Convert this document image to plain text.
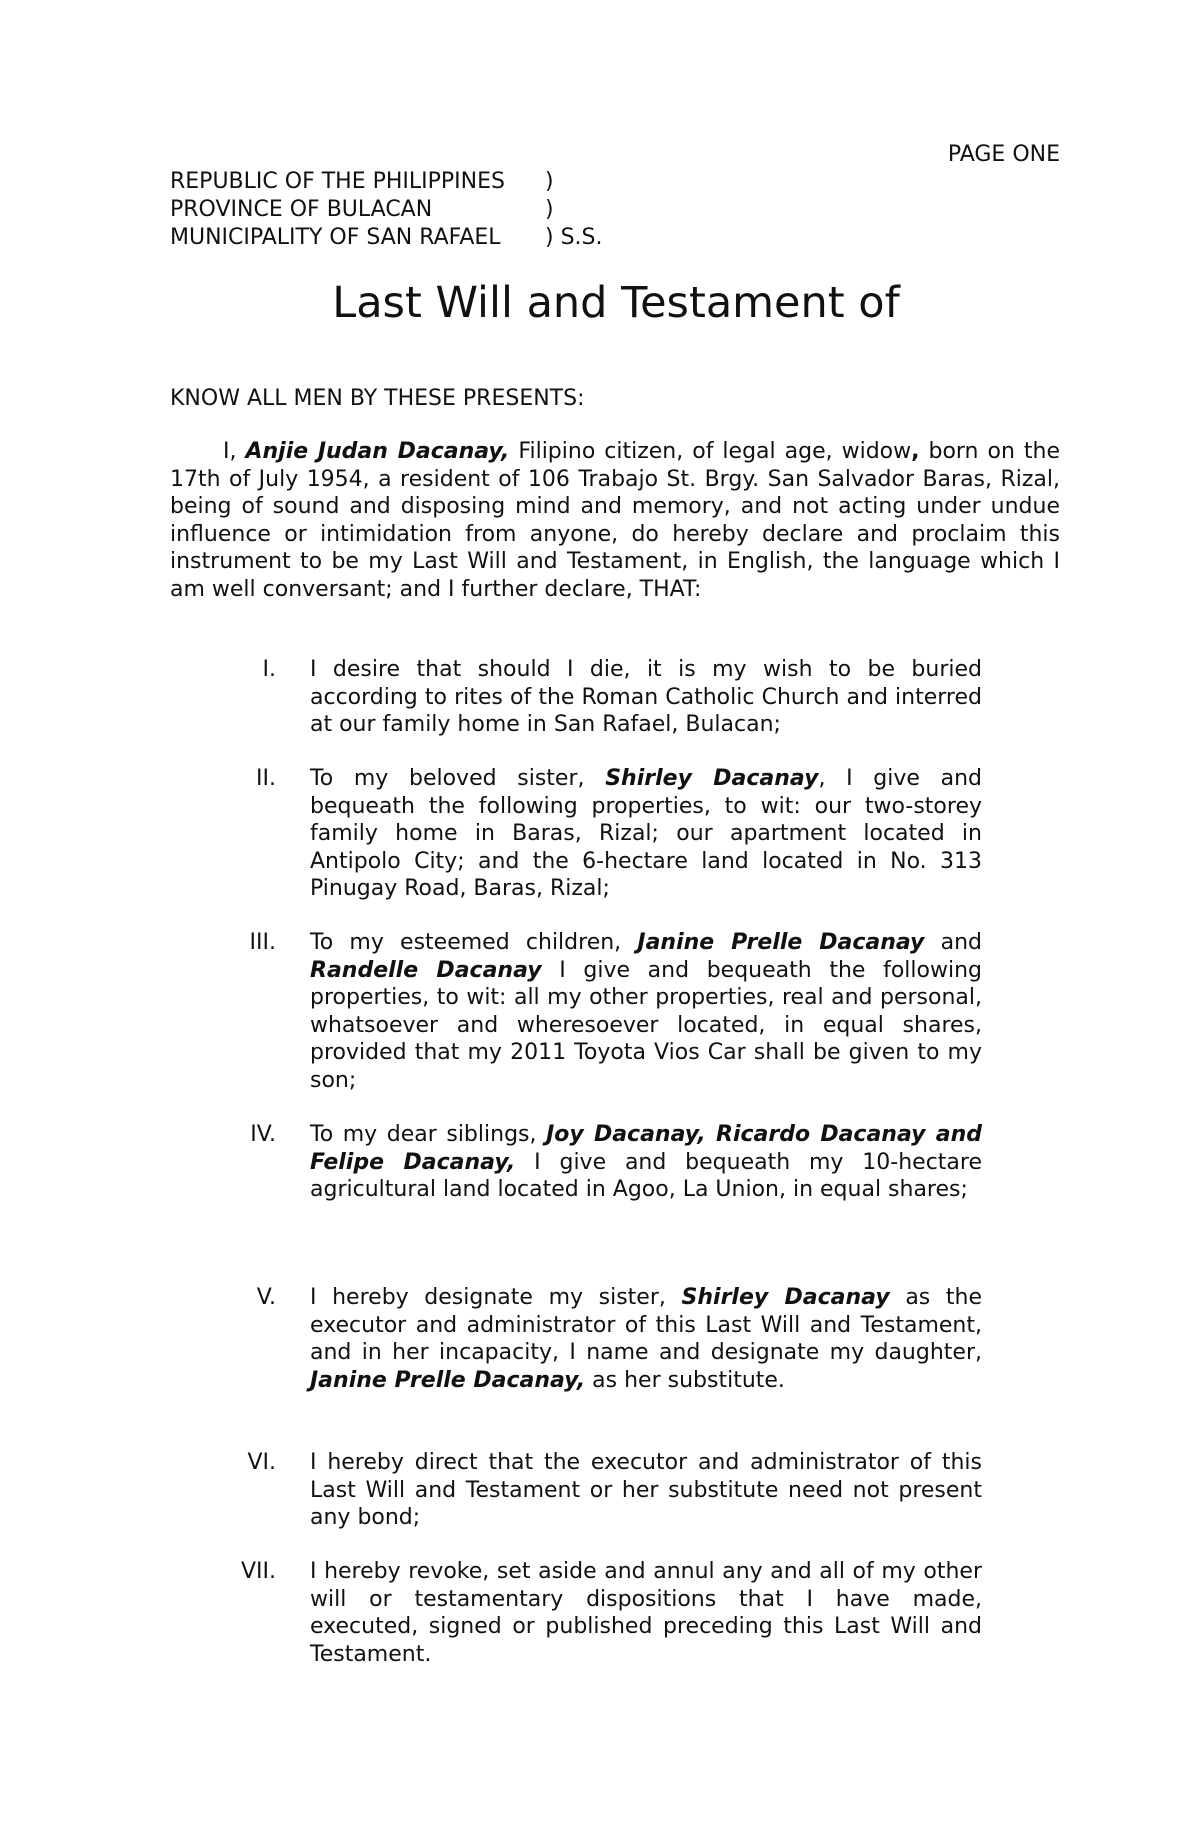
PAGE ONE
REPUBLIC OF THE PHILIPPINES )
PROVINCE OF BULACAN	)
MUNICIPALITY OF SAN RAFAEL ) S.S.
Last Will and Testament of
KNOW ALL MEN BY THESE PRESENTS:

I, Anjie Judan Dacanay, Filipino citizen, of legal age, widow, born on the 17th of July 1954, a resident of 106 Trabajo St. Brgy. San Salvador Baras, Rizal, being of sound and disposing mind and memory, and not acting under undue influence or intimidation from anyone, do hereby declare and proclaim this instrument to be my Last Will and Testament, in English, the language which I am well conversant; and I further declare, THAT:

I. I desire that should I die, it is my wish to be buried according to rites of the Roman Catholic Church and interred at our family home in San Rafael, Bulacan;
II. To my beloved sister, Shirley Dacanay, I give and bequeath the following properties, to wit: our two-storey family home in Baras, Rizal; our apartment located in Antipolo City; and the 6-hectare land located in No. 313 Pinugay Road, Baras, Rizal;
III. To my esteemed children, Janine Prelle Dacanay and Randelle Dacanay I give and bequeath the following properties, to wit: all my other properties, real and personal, whatsoever and wheresoever located, in equal shares, provided that my 2011 Toyota Vios Car shall be given to my son;
IV. To my dear siblings, Joy Dacanay, Ricardo Dacanay and Felipe Dacanay, I give and bequeath my 10-hectare agricultural land located in Agoo, La Union, in equal shares;
V. I hereby designate my sister, Shirley Dacanay as the executor and administrator of this Last Will and Testament, and in her incapacity, I name and designate my daughter, Janine Prelle Dacanay, as her substitute.
VI. I hereby direct that the executor and administrator of this Last Will and Testament or her substitute need not present any bond;
VII. I hereby revoke, set aside and annul any and all of my other will or testamentary dispositions that I have made, executed, signed or published preceding this Last Will and Testament.
